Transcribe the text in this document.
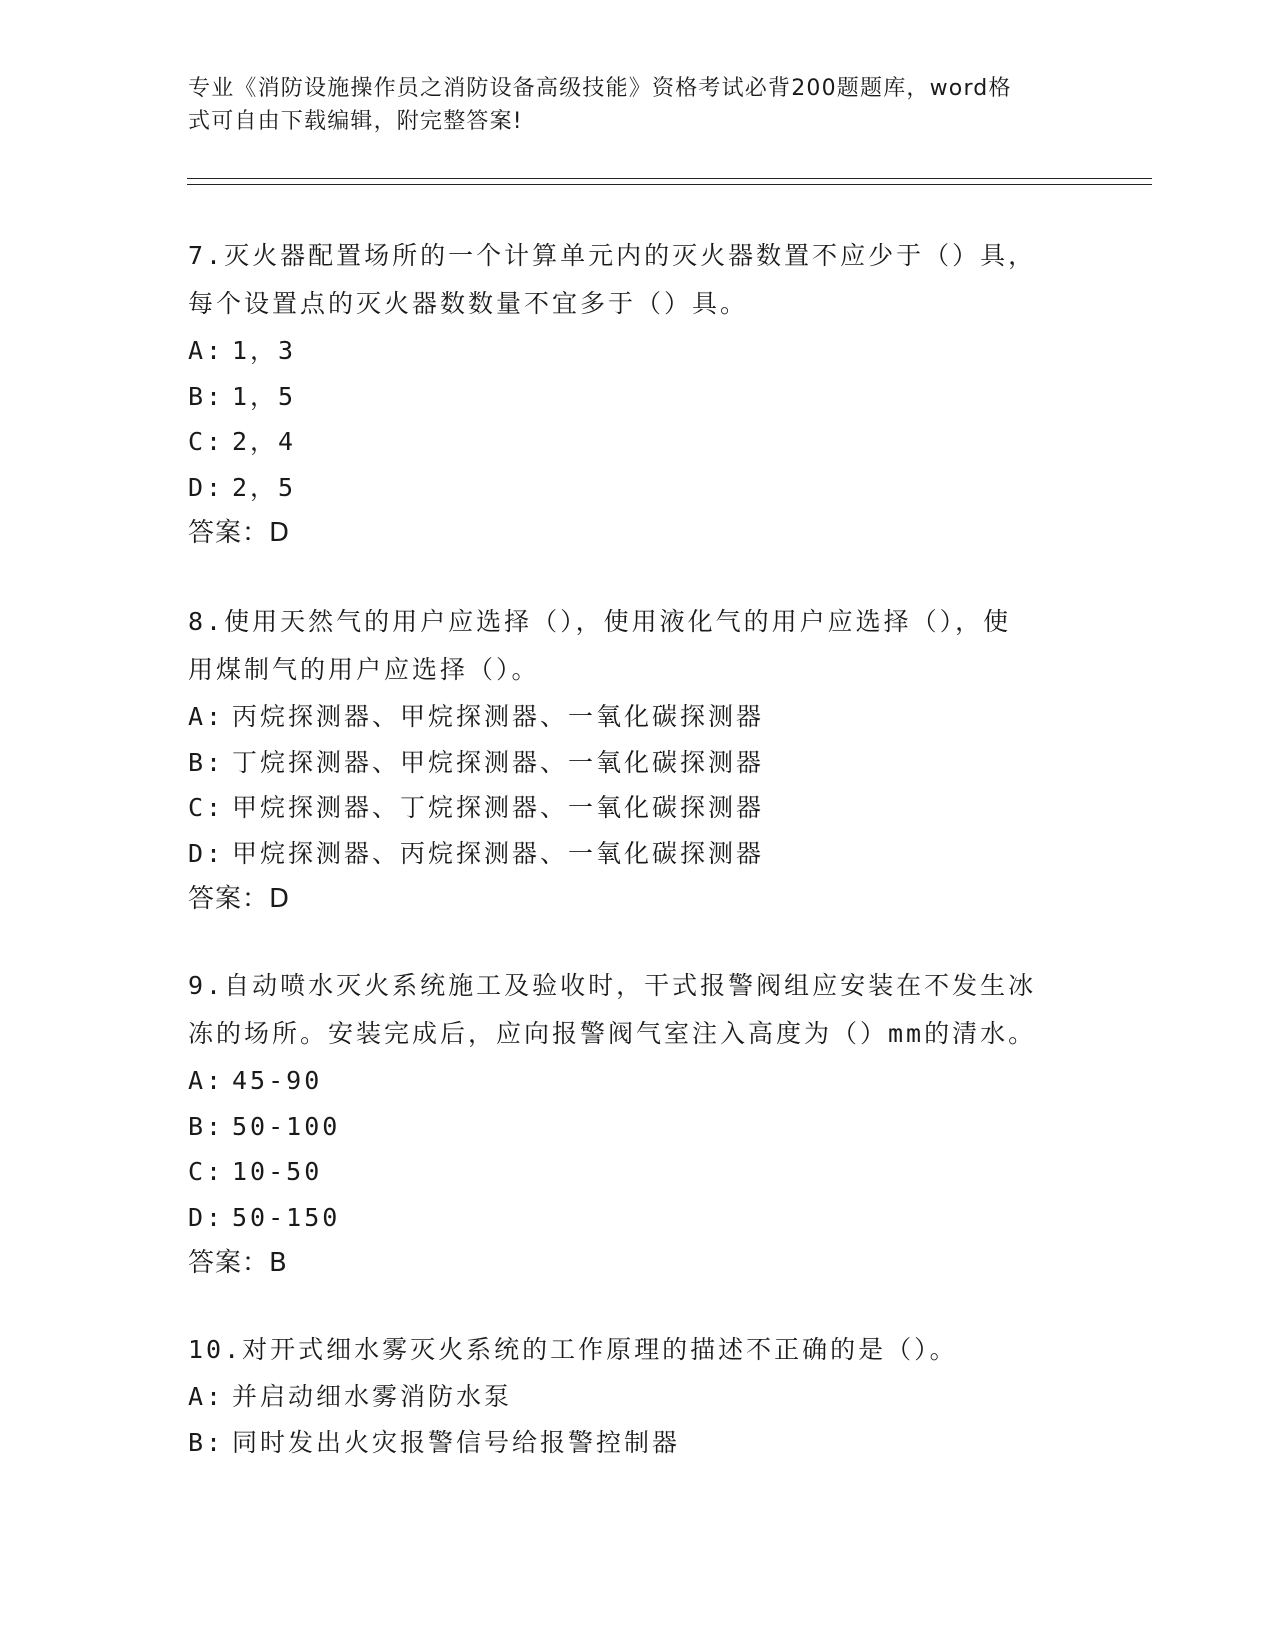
专业《消防设施操作员之消防设备高级技能》资格考试必背200题题库，word格
式可自由下载编辑，附完整答案!
7.灭火器配置场所的一个计算单元内的灭火器数置不应少于（）具，
每个设置点的灭火器数数量不宜多于（）具。
A: 1，3
B: 1，5
C: 2，4
D: 2，5
答案：D
8.使用天然气的用户应选择（），使用液化气的用户应选择（），使
用煤制气的用户应选择（）。
A: 丙烷探测器、甲烷探测器、一氧化碳探测器
B: 丁烷探测器、甲烷探测器、一氧化碳探测器
C: 甲烷探测器、丁烷探测器、一氧化碳探测器
D: 甲烷探测器、丙烷探测器、一氧化碳探测器
答案：D
9.自动喷水灭火系统施工及验收时，干式报警阀组应安装在不发生冰
冻的场所。安装完成后，应向报警阀气室注入高度为（）mm的清水。
A: 45-90
B: 50-100
C: 10-50
D: 50-150
答案：B
10.对开式细水雾灭火系统的工作原理的描述不正确的是（）。
A: 并启动细水雾消防水泵
B: 同时发出火灾报警信号给报警控制器
